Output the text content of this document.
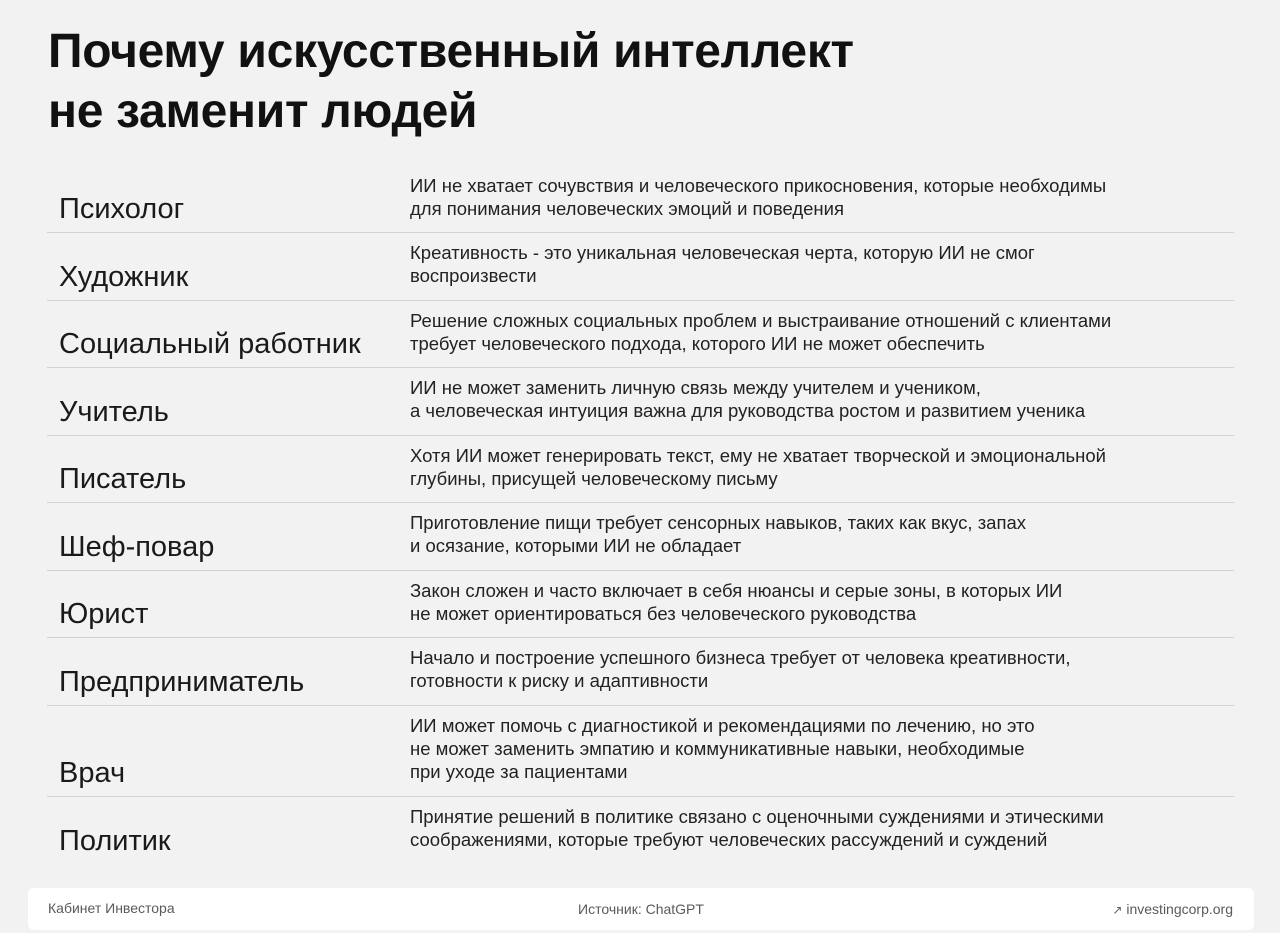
Почему искусственный интеллект
не заменит людей
Психолог
ИИ не хватает сочувствия и человеческого прикосновения, которые необходимы
для понимания человеческих эмоций и поведения
Художник
Креативность - это уникальная человеческая черта, которую ИИ не смог
воспроизвести
Социальный работник
Решение сложных социальных проблем и выстраивание отношений с клиентами
требует человеческого подхода, которого ИИ не может обеспечить
Учитель
ИИ не может заменить личную связь между учителем и учеником,
а человеческая интуиция важна для руководства ростом и развитием ученика
Писатель
Хотя ИИ может генерировать текст, ему не хватает творческой и эмоциональной
глубины, присущей человеческому письму
Шеф-повар
Приготовление пищи требует сенсорных навыков, таких как вкус, запах
и осязание, которыми ИИ не обладает
Юрист
Закон сложен и часто включает в себя нюансы и серые зоны, в которых ИИ
не может ориентироваться без человеческого руководства
Предприниматель
Начало и построение успешного бизнеса требует от человека креативности,
готовности к риску и адаптивности
Врач
ИИ может помочь с диагностикой и рекомендациями по лечению, но это
не может заменить эмпатию и коммуникативные навыки, необходимые
при уходе за пациентами
Политик
Принятие решений в политике связано с оценочными суждениями и этическими
соображениями, которые требуют человеческих рассуждений и суждений
Кабинет Инвестора	Источник: ChatGPT	↗ investingcorp.org
